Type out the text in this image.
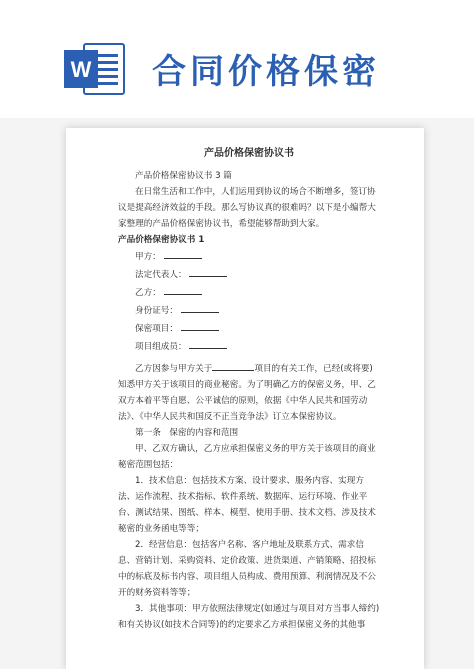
W 合同价格保密
产品价格保密协议书

产品价格保密协议书 3 篇

在日常生活和工作中，人们运用到协议的场合不断增多，签订协议是提高经济效益的手段。那么写协议真的很难吗？以下是小编帮大家整理的产品价格保密协议书，希望能够帮助到大家。

产品价格保密协议书 1

甲方：
法定代表人：
乙方：
身份证号：
保密项目：
项目组成员：

乙方因参与甲方关于	项目的有关工作，已经(或将要)知悉甲方关于该项目的商业秘密。为了明确乙方的保密义务，甲、乙双方本着平等自愿、公平诚信的原则，依据《中华人民共和国劳动法》、《中华人民共和国反不正当竞争法》订立本保密协议。

第一条　保密的内容和范围

甲、乙双方确认，乙方应承担保密义务的甲方关于该项目的商业秘密范围包括：

1．技术信息：包括技术方案、设计要求、服务内容、实现方法、运作流程、技术指标、软件系统、数据库、运行环境、作业平台、测试结果、图纸、样本、模型、使用手册、技术文档、涉及技术秘密的业务函电等等；

2．经营信息：包括客户名称、客户地址及联系方式、需求信息、营销计划、采购资料、定价政策、进货渠道、产销策略、招投标中的标底及标书内容、项目组人员构成、费用预算、利润情况及不公开的财务资料等等；

3．其他事项：甲方依照法律规定(如通过与项目对方当事人缔约)和有关协议(如技术合同等)的约定要求乙方承担保密义务的其他事
